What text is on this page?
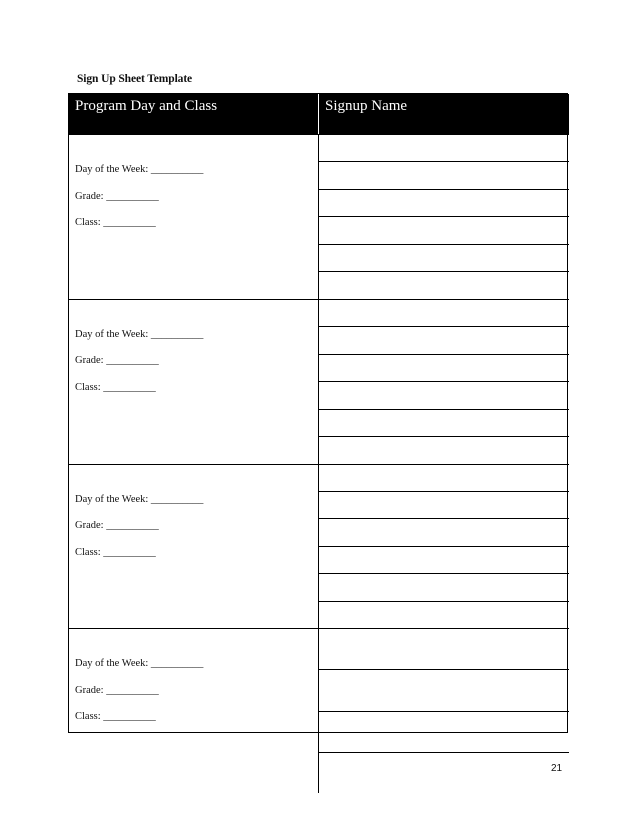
Sign Up Sheet Template
Program Day and Class	Signup Name
Day of the Week: __________
Grade: __________
Class: __________
Day of the Week: __________
Grade: __________
Class: __________
Day of the Week: __________
Grade: __________
Class: __________
Day of the Week: __________
Grade: __________
Class: __________
21
